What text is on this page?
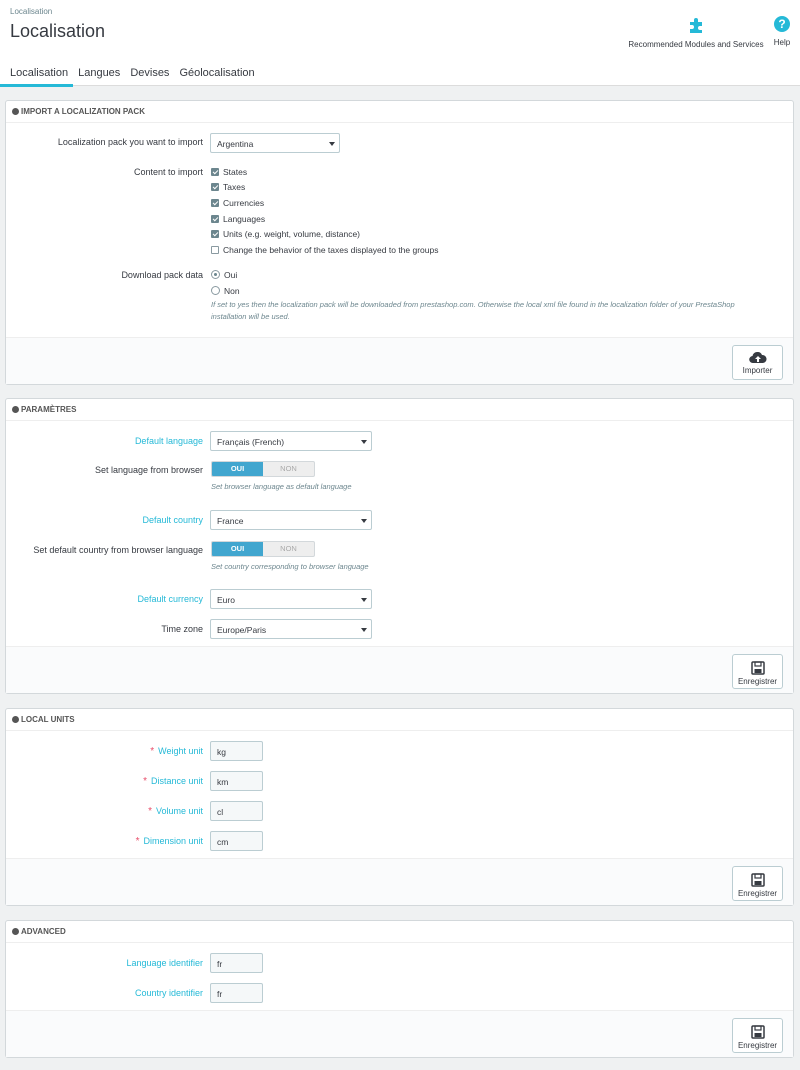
Localisation
Localisation
Recommended Modules and Services
?
Help
Localisation Langues Devises Géolocalisation
IMPORT A LOCALIZATION PACK
Localization pack you want to import	Argentina
Content to import	States
Taxes
Currencies
Languages
Units (e.g. weight, volume, distance)
Change the behavior of the taxes displayed to the groups
Download pack data	Oui
Non
If set to yes then the localization pack will be downloaded from prestashop.com. Otherwise the local xml file found in the localization folder of your PrestaShop installation will be used.
Importer
PARAMÈTRES
Default language	Français (French)
Set language from browser	OUI	NON
Set browser language as default language
Default country	France
Set default country from browser language	OUI	NON
Set country corresponding to browser language
Default currency	Euro
Time zone	Europe/Paris
Enregistrer
LOCAL UNITS
* Weight unit	kg
* Distance unit	km
* Volume unit	cl
* Dimension unit	cm
Enregistrer
ADVANCED
Language identifier	fr
Country identifier	fr
Enregistrer
